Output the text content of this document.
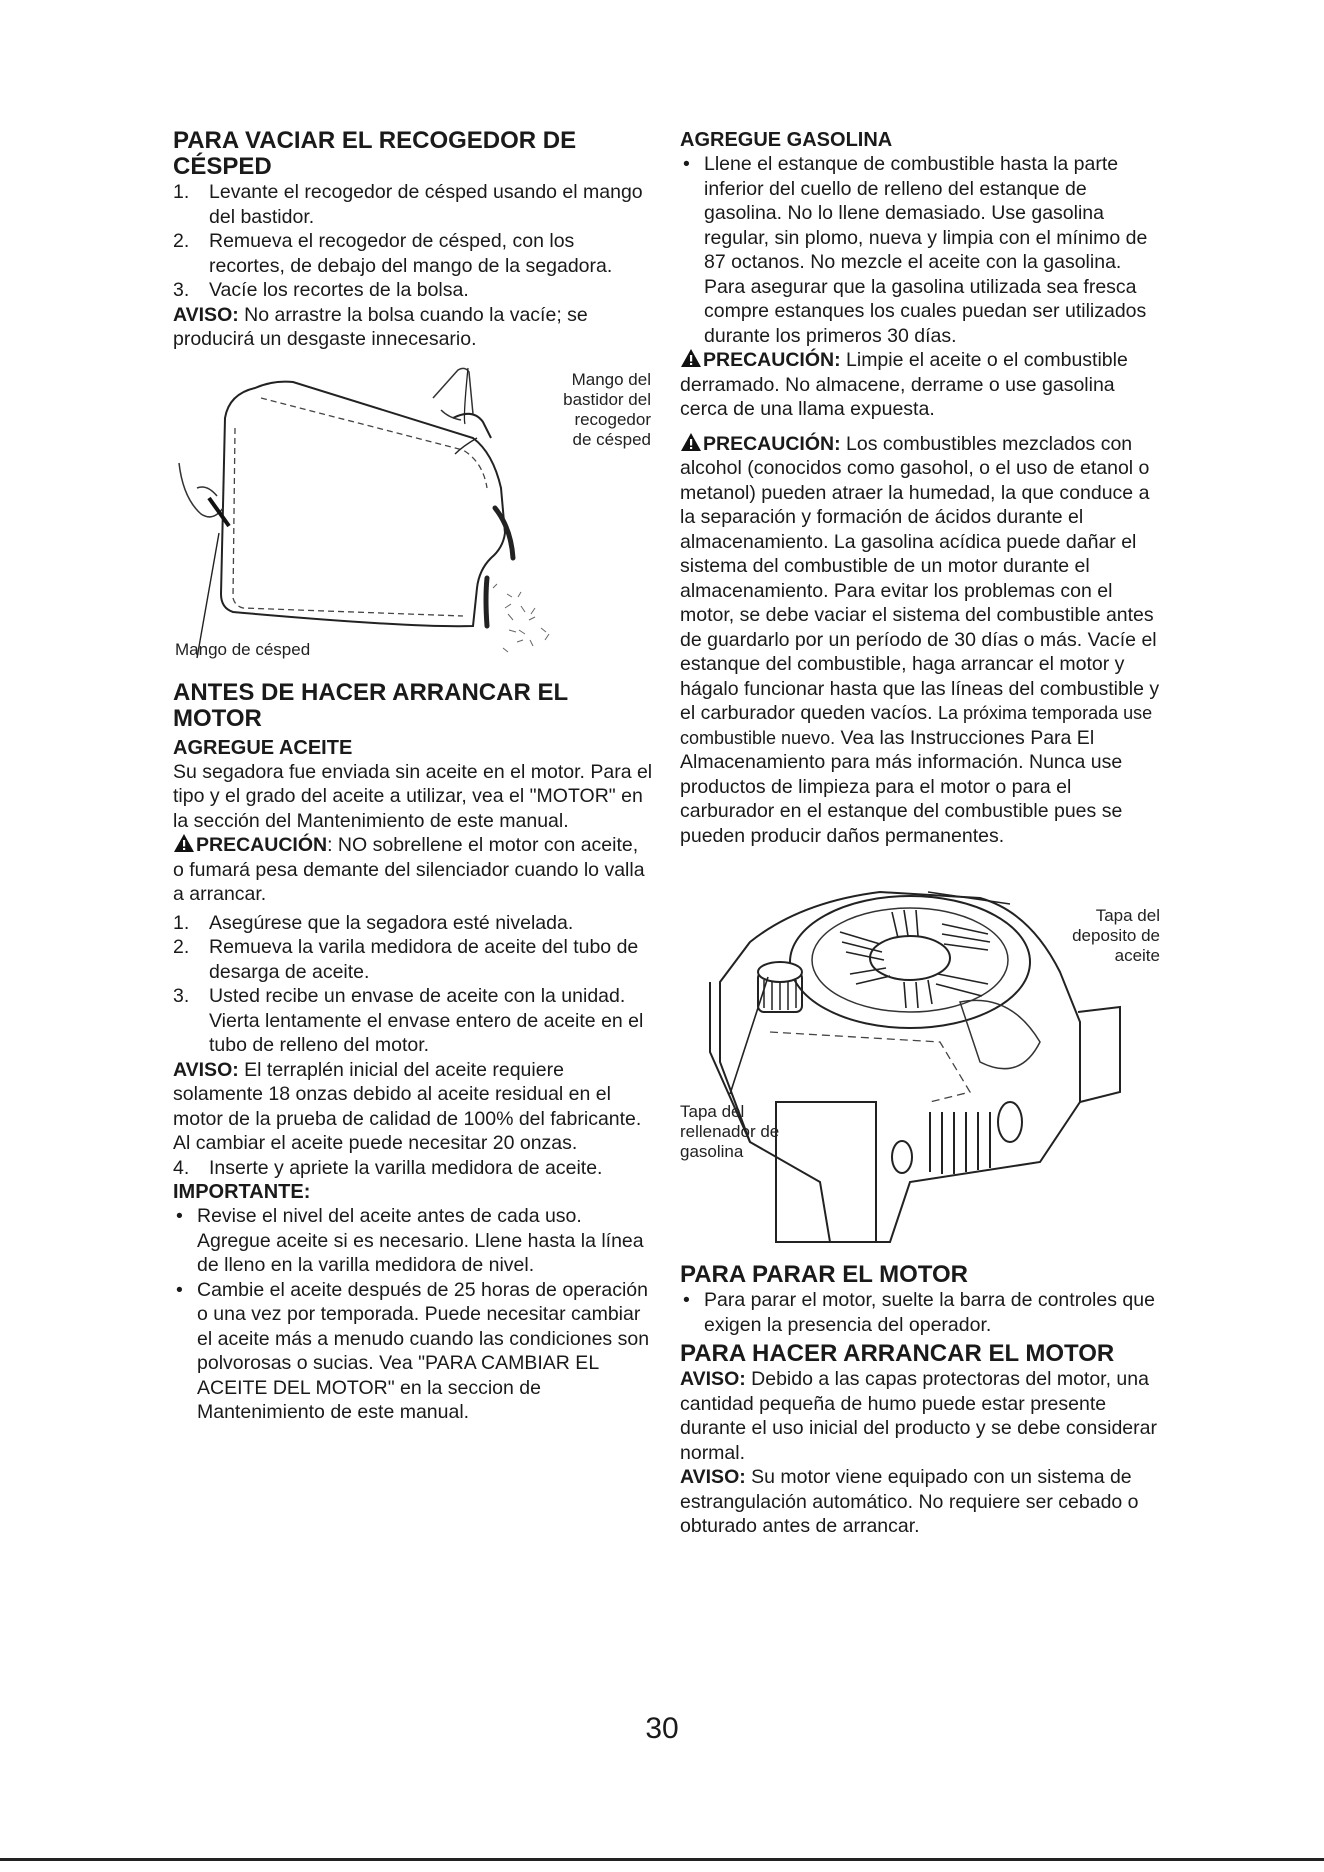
PARA VACIAR EL RECOGEDOR DE CÉSPED
1.	Levante el recogedor de césped usando el mango del bastidor.
2.	Remueva el recogedor de césped, con los recortes, de debajo del mango de la segadora.
3.	Vacíe los recortes de la bolsa.

AVISO: No arrastre la bolsa cuando la vacíe; se producirá un desgaste innecesario.

Mango del bastidor del recogedor de césped
Mango de césped
ANTES DE HACER ARRANCAR EL MOTOR
AGREGUE ACEITE

Su segadora fue enviada sin aceite en el motor. Para el tipo y el grado del aceite a utilizar, vea el "MOTOR" en la sección del Mantenimiento de este manual.

PRECAUCIÓN: NO sobrellene el motor con aceite, o fumará pesa demante del silenciador cuando lo valla a arrancar.

1.	Asegúrese que la segadora esté nivelada.
2.	Remueva la varila medidora de aceite del tubo de desarga de aceite.
3.	Usted recibe un envase de aceite con la unidad. Vierta lentamente el envase entero de aceite en el tubo de relleno del motor.

AVISO: El terraplén inicial del aceite requiere solamente 18 onzas debido al aceite residual en el motor de la prueba de calidad de 100% del fabricante. Al cambiar el aceite puede necesitar 20 onzas.

4.	Inserte y apriete la varilla medidora de aceite.
IMPORTANTE:
• Revise el nivel del aceite antes de cada uso. Agregue aceite si es necesario. Llene hasta la línea de lleno en la varilla medidora de nivel.
• Cambie el aceite después de 25 horas de operación o una vez por temporada. Puede necesitar cambiar el aceite más a menudo cuando las condiciones son polvorosas o sucias. Vea "PARA CAMBIAR EL ACEITE DEL MOTOR" en la seccion de Mantenimiento de este manual.
AGREGUE GASOLINA
• Llene el estanque de combustible hasta la parte inferior del cuello de relleno del estanque de gasolina. No lo llene demasiado. Use gasolina regular, sin plomo, nueva y limpia con el mínimo de 87 octanos. No mezcle el aceite con la gasolina. Para asegurar que la gasolina utilizada sea fresca compre estanques los cuales puedan ser utilizados durante los primeros 30 días.

PRECAUCIÓN: Limpie el aceite o el combustible derramado. No almacene, derrame o use gasolina cerca de una llama expuesta.

PRECAUCIÓN: Los combustibles mezclados con alcohol (conocidos como gasohol, o el uso de etanol o metanol) pueden atraer la humedad, la que conduce a la separación y formación de ácidos durante el almacenamiento. La gasolina acídica puede dañar el sistema del combustible de un motor durante el almacenamiento. Para evitar los problemas con el motor, se debe vaciar el sistema del combustible antes de guardarlo por un período de 30 días o más. Vacíe el estanque del combustible, haga arrancar el motor y hágalo funcionar hasta que las líneas del combustible y el carburador queden vacíos. La próxima temporada use combustible nuevo. Vea las Instrucciones Para El Almacenamiento para más información. Nunca use productos de limpieza para el motor o para el carburador en el estanque del combustible pues se pueden producir daños permanentes.

Tapa del deposito de aceite
Tapa del rellenador de gasolina
PARA PARAR EL MOTOR
• Para parar el motor, suelte la barra de controles que exigen la presencia del operador.
PARA HACER ARRANCAR EL MOTOR

AVISO: Debido a las capas protectoras del motor, una cantidad pequeña de humo puede estar presente durante el uso inicial del producto y se debe considerar normal.

AVISO: Su motor viene equipado con un sistema de estrangulación automático. No requiere ser cebado o obturado antes de arrancar.

30
